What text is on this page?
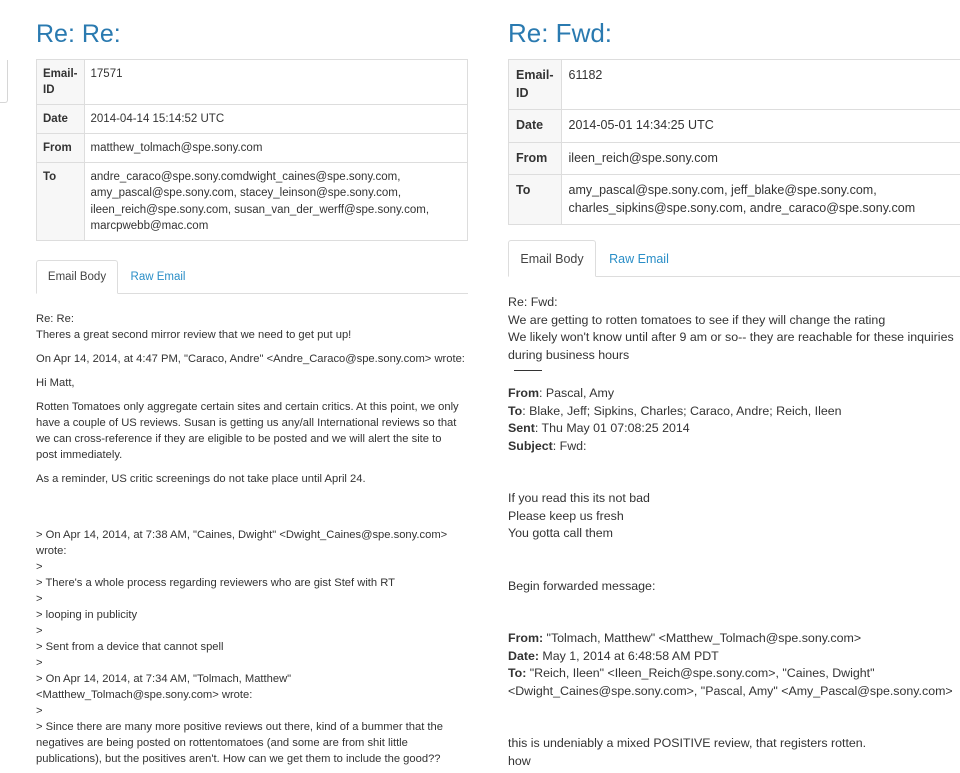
Re: Re:
Email-ID	17571
Date	2014-04-14 15:14:52 UTC
From	matthew_tolmach@spe.sony.com
To	andre_caraco@spe.sony.comdwight_caines@spe.sony.com,
amy_pascal@spe.sony.com, stacey_leinson@spe.sony.com,
ileen_reich@spe.sony.com, susan_van_der_werff@spe.sony.com,
marcpwebb@mac.com
Email Body	Raw Email

Re: Re:

Theres a great second mirror review that we need to get put up!

On Apr 14, 2014, at 4:47 PM, "Caraco, Andre" <Andre_Caraco@spe.sony.com> wrote:

Hi Matt,

Rotten Tomatoes only aggregate certain sites and certain critics. At this point, we only

have a couple of US reviews. Susan is getting us any/all International reviews so that

we can cross-reference if they are eligible to be posted and we will alert the site to

post immediately.

As a reminder, US critic screenings do not take place until April 24.

> On Apr 14, 2014, at 7:38 AM, "Caines, Dwight" <Dwight_Caines@spe.sony.com>

wrote:

>

> There's a whole process regarding reviewers who are gist Stef with RT

>

> looping in publicity

>

> Sent from a device that cannot spell

>

> On Apr 14, 2014, at 7:34 AM, "Tolmach, Matthew"

<Matthew_Tolmach@spe.sony.com> wrote:

>

> Since there are many more positive reviews out there, kind of a bummer that the

negatives are being posted on rottentomatoes (and some are from shit little

publications), but the positives aren't. How can we get them to include the good??

Re: Fwd:
Email-ID	61182
Date	2014-05-01 14:34:25 UTC
From	ileen_reich@spe.sony.com
To	amy_pascal@spe.sony.com, jeff_blake@spe.sony.com,
charles_sipkins@spe.sony.com, andre_caraco@spe.sony.com
Email Body	Raw Email

Re: Fwd:

We are getting to rotten tomatoes to see if they will change the rating

We likely won't know until after 9 am or so-- they are reachable for these inquiries

during business hours

From: Pascal, Amy

To: Blake, Jeff; Sipkins, Charles; Caraco, Andre; Reich, Ileen

Sent: Thu May 01 07:08:25 2014

Subject: Fwd:

If you read this its not bad

Please keep us fresh

You gotta call them

Begin forwarded message:

From: "Tolmach, Matthew" <Matthew_Tolmach@spe.sony.com>

Date: May 1, 2014 at 6:48:58 AM PDT

To: "Reich, Ileen" <Ileen_Reich@spe.sony.com>, "Caines, Dwight"

<Dwight_Caines@spe.sony.com>, "Pascal, Amy" <Amy_Pascal@spe.sony.com>

this is undeniably a mixed POSITIVE review, that registers rotten.

how
